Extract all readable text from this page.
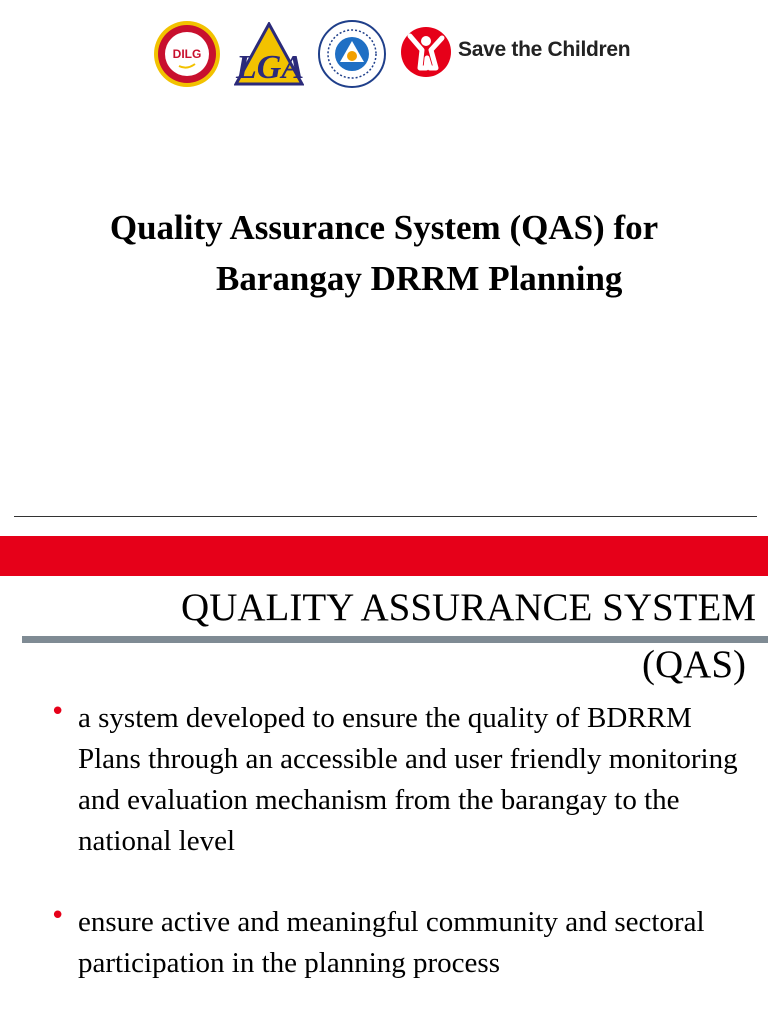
DILG LGA	Save the Children
Quality Assurance System (QAS) for
Barangay DRRM Planning
QUALITY ASSURANCE SYSTEM
(QAS)
• a system developed to ensure the quality of BDRRM Plans through an accessible and user friendly monitoring and evaluation mechanism from the barangay to the national level
• ensure active and meaningful community and sectoral participation in the planning process
